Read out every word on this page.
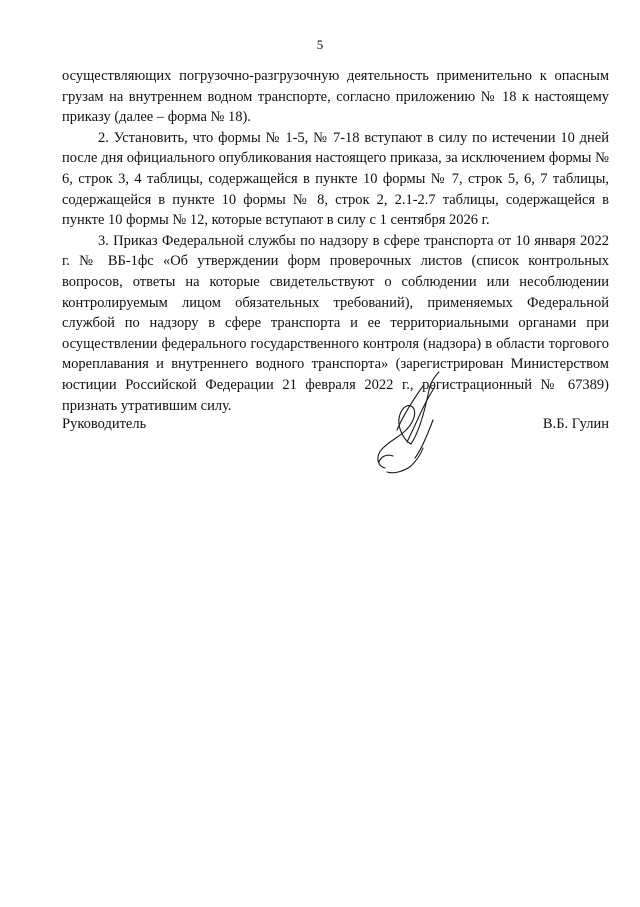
5

осуществляющих погрузочно-разгрузочную деятельность применительно к опасным грузам на внутреннем водном транспорте, согласно приложению № 18 к настоящему приказу (далее – форма № 18).

2. Установить, что формы № 1-5, № 7-18 вступают в силу по истечении 10 дней после дня официального опубликования настоящего приказа, за исключением формы № 6, строк 3, 4 таблицы, содержащейся в пункте 10 формы № 7, строк 5, 6, 7 таблицы, содержащейся в пункте 10 формы № 8, строк 2, 2.1-2.7 таблицы, содержащейся в пункте 10 формы № 12, которые вступают в силу с 1 сентября 2026 г.

3. Приказ Федеральной службы по надзору в сфере транспорта от 10 января 2022 г. № ВБ-1фс «Об утверждении форм проверочных листов (список контрольных вопросов, ответы на которые свидетельствуют о соблюдении или несоблюдении контролируемым лицом обязательных требований), применяемых Федеральной службой по надзору в сфере транспорта и ее территориальными органами при осуществлении федерального государственного контроля (надзора) в области торгового мореплавания и внутреннего водного транспорта» (зарегистрирован Министерством юстиции Российской Федерации 21 февраля 2022 г., регистрационный № 67389) признать утратившим силу.

Руководитель	В.Б. Гулин
